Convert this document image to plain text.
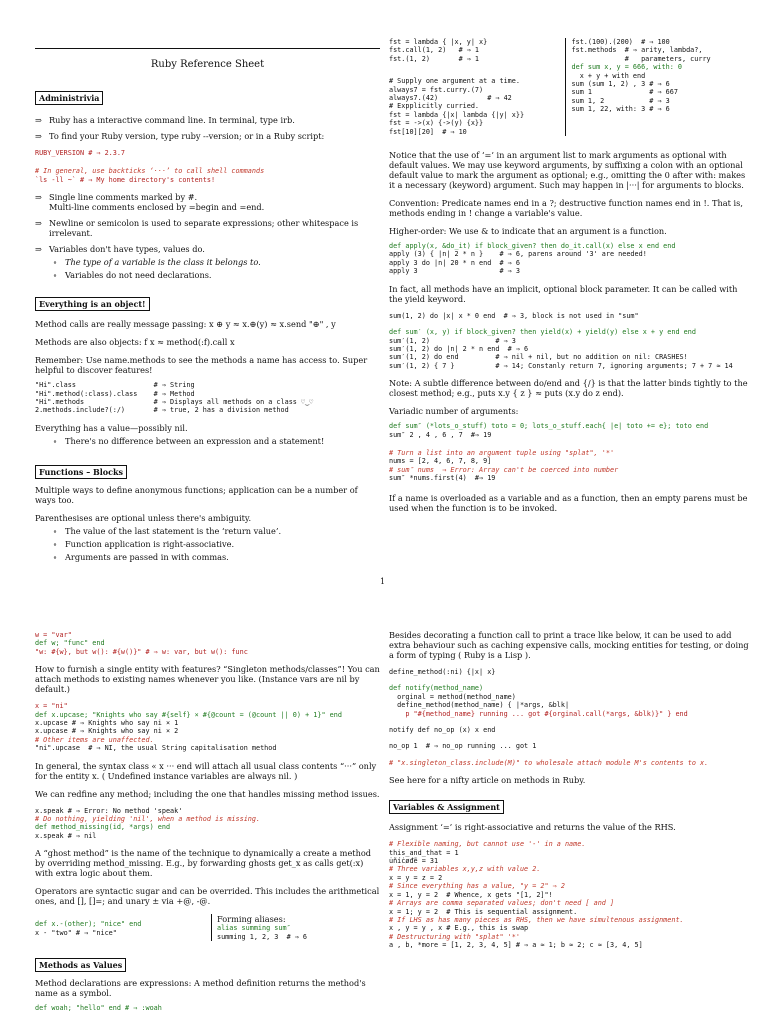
Ruby Reference Sheet

Administrivia

⇒ Ruby has a interactive command line. In terminal, type irb.

⇒ To find your Ruby version, type ruby --version; or in a Ruby script:

RUBY_VERSION # ⇒ 2.3.7

# In general, use backticks ‘···’ to call shell commands

`ls -ll ~` # ⇒ My home directory's contents!

⇒ Single line comments marked by #.

Multi-line comments enclosed by =begin and =end.

⇒ Newline or semicolon is used to separate expressions; other whitespace is irrelevant.

⇒ Variables don't have types, values do.

∘ The type of a variable is the class it belongs to.

∘ Variables do not need declarations.

Everything is an object!

Method calls are really message passing: x ⊕ y ≈ x.⊕(y) ≈ x.send "⊕" , y

Methods are also objects: f x ≈ method(:f).call x

Remember: Use name.methods to see the methods a name has access to. Super helpful to discover features!

"Hi".class                   # ⇒ String

"Hi".method(:class).class    # ⇒ Method

"Hi".methods                 # ⇒ Displays all methods on a class ♡‿♡

2.methods.include?(:/)       # ⇒ true, 2 has a division method

Everything has a value—possibly nil.

∘ There's no difference between an expression and a statement!

Functions – Blocks

Multiple ways to define anonymous functions; application can be a number of ways too.

Parenthesises are optional unless there's ambiguity.

∘ The value of the last statement is the ‘return value’.

∘ Function application is right-associative.

∘ Arguments are passed in with commas.

fst = lambda { |x, y| x}

fst.call(1, 2)   # ⇒ 1

fst.(1, 2)       # ⇒ 1

# Supply one argument at a time.

always7 = fst.curry.(7)

always7.(42)            # ⇒ 42

# Expplicitly curried.

fst = lambda {|x| lambda {|y| x}}

fst = ->(x) {->(y) {x}}

fst[10][20]  # ⇒ 10

fst.(100).(200)  # ⇒ 100

fst.methods  # ⇒ arity, lambda?,

#   parameters, curry

def sum x, y = 666, with: 0

x + y + with end

sum (sum 1, 2) , 3 # ⇒ 6

sum 1              # ⇒ 667

sum 1, 2           # ⇒ 3

sum 1, 22, with: 3 # ⇒ 6

Notice that the use of ‘=’ in an argument list to mark arguments as optional with default values. We may use keyword arguments, by suffixing a colon with an optional default value to mark the argument as optional; e.g., omitting the 0 after with: makes it a necessary (keyword) argument. Such may happen in |···| for arguments to blocks.

Convention: Predicate names end in a ?; destructive function names end in !. That is, methods ending in ! change a variable's value.

Higher-order: We use & to indicate that an argument is a function.

def apply(x, &do_it) if block_given? then do_it.call(x) else x end end

apply (3) { |n| 2 * n }    # ⇒ 6, parens around '3' are needed!

apply 3 do |n| 20 * n end  # ⇒ 6

apply 3                    # ⇒ 3

In fact, all methods have an implicit, optional block parameter. It can be called with the yield keyword.

sum(1, 2) do |x| x * 0 end  # ⇒ 3, block is not used in "sum"

def sum′ (x, y) if block_given? then yield(x) + yield(y) else x + y end end

sum′(1, 2)                # ⇒ 3

sum′(1, 2) do |n| 2 * n end  # ⇒ 6

sum′(1, 2) do end         # ⇒ nil + nil, but no addition on nil: CRASHES!

sum′(1, 2) { 7 }          # ⇒ 14; Constanly return 7, ignoring arguments; 7 + 7 ≈ 14

Note: A subtle difference between do/end and {/} is that the latter binds tightly to the closest method; e.g., puts x.y { z } ≈ puts (x.y do z end).

Variadic number of arguments:

def sum″ (*lots_o_stuff) toto = 0; lots_o_stuff.each{ |e| toto += e}; toto end

sum″ 2 , 4 , 6 , 7  #⇒ 19

# Turn a list into an argument tuple using "splat", '*'

nums = [2, 4, 6, 7, 8, 9]

# sum″ nums  ⇒ Error: Array can't be coerced into number

sum″ *nums.first(4)  #⇒ 19

If a name is overloaded as a variable and as a function, then an empty parens must be used when the function is to be invoked.

1

w = "var"

def w; "func" end

"w: #{w}, but w(): #{w()}" # ⇒ w: var, but w(): func

How to furnish a single entity with features? “Singleton methods/classes”! You can attach methods to existing names whenever you like. (Instance vars are nil by default.)

x = "ni"

def x.upcase; "Knights who say #{self} × #{@count = (@count || 0) + 1}" end

x.upcase # ⇒ Knights who say ni × 1

x.upcase # ⇒ Knights who say ni × 2

# Other items are unaffected.

"ni".upcase  # ⇒ NI, the usual String capitalisation method

In general, the syntax class « x ··· end will attach all usual class contents “···” only for the entity x. ( Undefined instance variables are always nil. )

We can redfine any method; including the one that handles missing method issues.

x.speak # ⇒ Error: No method 'speak'

# Do nothing, yielding 'nil', when a method is missing.

def method_missing(id, *args) end

x.speak # ⇒ nil

A “ghost method” is the name of the technique to dynamically a create a method by overriding method_missing. E.g., by forwarding ghosts get_x as calls get(:x) with extra logic about them.

Operators are syntactic sugar and can be overrided. This includes the arithmetical ones, and [], []=; and unary ± via +@, -@.

def x.-(other); "nice" end

x - "two" # ⇒ "nice"

Forming aliases:

alias summing sum″

summing 1, 2, 3  # ⇒ 6

Methods as Values

Method declarations are expressions: A method definition returns the method's name as a symbol.

def woah; "hello" end # ⇒ :woah

Besides decorating a function call to print a trace like below, it can be used to add extra behaviour such as caching expensive calls, mocking entities for testing, or doing a form of typing ( Ruby is a Lisp ).

define_method(:ni) {|x| x}

def notify(method_name)

orginal = method(method_name)

define_method(method_name) { |*args, &blk|

p "#{method_name} running ... got #{orginal.call(*args, &blk)}" } end

notify def no_op (x) x end

no_op 1  # ⇒ no_op running ... got 1

# "x.singleton_class.include(M)" to wholesale attach module M's contents to x.

See here for a nifty article on methods in Ruby.

Variables & Assignment

Assignment ‘=’ is right-associative and returns the value of the RHS.

# Flexible naming, but cannot use '-' in a name.

this_and_that = 1

u̇ñíċøđẽ = 31

# Three variables x,y,z with value 2.

x = y = z = 2

# Since everything has a value, "y = 2" ⇒ 2

x = 1, y = 2  # Whence, x gets "[1, 2]"!

# Arrays are comma separated values; don't need [ and ]

x = 1; y = 2  # This is sequential assignment.

# If LHS as has many pieces as RHS, then we have simultenous assignment.

x , y = y , x # E.g., this is swap

# Destructuring with "splat" '*'

a , b, *more = [1, 2, 3, 4, 5] # ⇒ a ≈ 1; b ≈ 2; c ≈ [3, 4, 5]
